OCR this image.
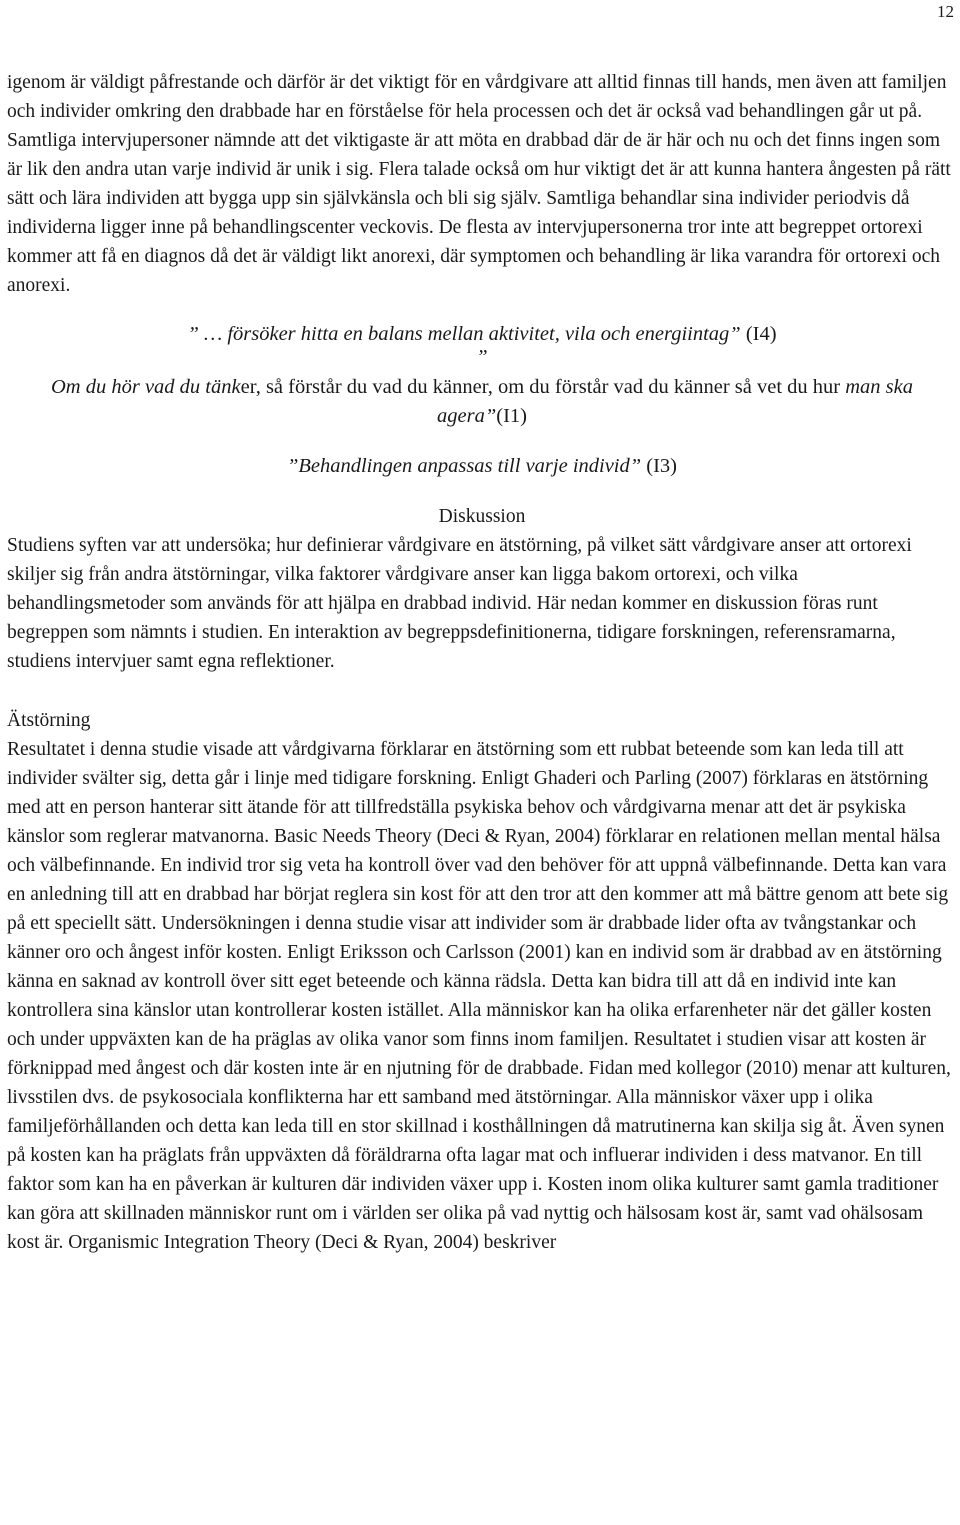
12

igenom är väldigt påfrestande och därför är det viktigt för en vårdgivare att alltid finnas till hands, men även att familjen och individer omkring den drabbade har en förståelse för hela processen och det är också vad behandlingen går ut på. Samtliga intervjupersoner nämnde att det viktigaste är att möta en drabbad där de är här och nu och det finns ingen som är lik den andra utan varje individ är unik i sig. Flera talade också om hur viktigt det är att kunna hantera ångesten på rätt sätt och lära individen att bygga upp sin självkänsla och bli sig själv. Samtliga behandlar sina individer periodvis då individerna ligger inne på behandlingscenter veckovis. De flesta av intervjupersonerna tror inte att begreppet ortorexi kommer att få en diagnos då det är väldigt likt anorexi, där symptomen och behandling är lika varandra för ortorexi och anorexi.

” … försöker hitta en balans mellan aktivitet, vila och energiintag” (I4)

”

Om du hör vad du tänker, så förstår du vad du känner, om du förstår vad du känner så vet du hur man ska agera”(I1)

”Behandlingen anpassas till varje individ” (I3)

Diskussion

Studiens syften var att undersöka; hur definierar vårdgivare en ätstörning, på vilket sätt vårdgivare anser att ortorexi skiljer sig från andra ätstörningar, vilka faktorer vårdgivare anser kan ligga bakom ortorexi, och vilka behandlingsmetoder som används för att hjälpa en drabbad individ. Här nedan kommer en diskussion föras runt begreppen som nämnts i studien. En interaktion av begreppsdefinitionerna, tidigare forskningen, referensramarna, studiens intervjuer samt egna reflektioner.

Ätstörning

Resultatet i denna studie visade att vårdgivarna förklarar en ätstörning som ett rubbat beteende som kan leda till att individer svälter sig, detta går i linje med tidigare forskning. Enligt Ghaderi och Parling (2007) förklaras en ätstörning med att en person hanterar sitt ätande för att tillfredställa psykiska behov och vårdgivarna menar att det är psykiska känslor som reglerar matvanorna. Basic Needs Theory (Deci & Ryan, 2004) förklarar en relationen mellan mental hälsa och välbefinnande. En individ tror sig veta ha kontroll över vad den behöver för att uppnå välbefinnande. Detta kan vara en anledning till att en drabbad har börjat reglera sin kost för att den tror att den kommer att må bättre genom att bete sig på ett speciellt sätt. Undersökningen i denna studie visar att individer som är drabbade lider ofta av tvångstankar och känner oro och ångest inför kosten. Enligt Eriksson och Carlsson (2001) kan en individ som är drabbad av en ätstörning känna en saknad av kontroll över sitt eget beteende och känna rädsla. Detta kan bidra till att då en individ inte kan kontrollera sina känslor utan kontrollerar kosten istället. Alla människor kan ha olika erfarenheter när det gäller kosten och under uppväxten kan de ha präglas av olika vanor som finns inom familjen. Resultatet i studien visar att kosten är förknippad med ångest och där kosten inte är en njutning för de drabbade. Fidan med kollegor (2010) menar att kulturen, livsstilen dvs. de psykosociala konflikterna har ett samband med ätstörningar. Alla människor växer upp i olika familjeförhållanden och detta kan leda till en stor skillnad i kosthållningen då matrutinerna kan skilja sig åt. Även synen på kosten kan ha präglats från uppväxten då föräldrarna ofta lagar mat och influerar individen i dess matvanor. En till faktor som kan ha en påverkan är kulturen där individen växer upp i. Kosten inom olika kulturer samt gamla traditioner kan göra att skillnaden människor runt om i världen ser olika på vad nyttig och hälsosam kost är, samt vad ohälsosam kost är. Organismic Integration Theory (Deci & Ryan, 2004) beskriver
